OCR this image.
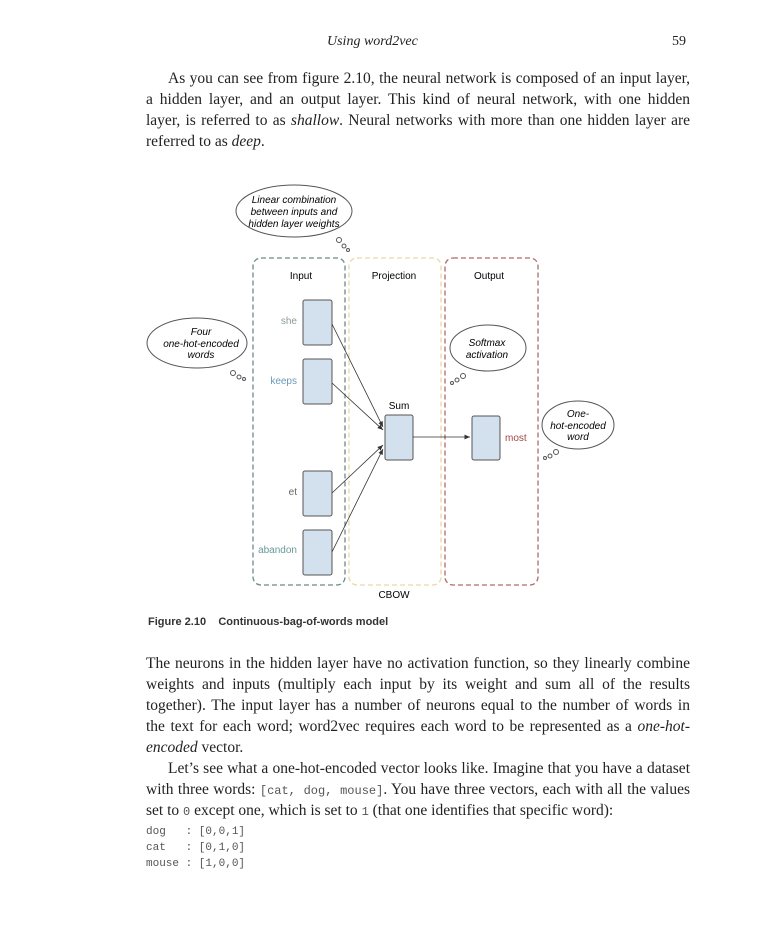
Using word2vec	59
As you can see from figure 2.10, the neural network is composed of an input layer,
a hidden layer, and an output layer. This kind of neural network, with one hidden
layer, is referred to as shallow. Neural networks with more than one hidden layer are
referred to as deep.
Input	Projection	Output
she
keeps
et
abandon
Sum
most
CBOW
Linear combination
between inputs and
hidden layer weights
Four
one-hot-encoded
words
Softmax
activation
One-
hot-encoded
word
Figure 2.10 Continuous-bag-of-words model
The neurons in the hidden layer have no activation function, so they linearly combine
weights and inputs (multiply each input by its weight and sum all of the results
together). The input layer has a number of neurons equal to the number of words in
the text for each word; word2vec requires each word to be represented as a one-hot-
encoded vector.
Let’s see what a one-hot-encoded vector looks like. Imagine that you have a dataset
with three words: [cat, dog, mouse]. You have three vectors, each with all the values
set to 0 except one, which is set to 1 (that one identifies that specific word):
dog   : [0,0,1]
cat   : [0,1,0]
mouse : [1,0,0]
